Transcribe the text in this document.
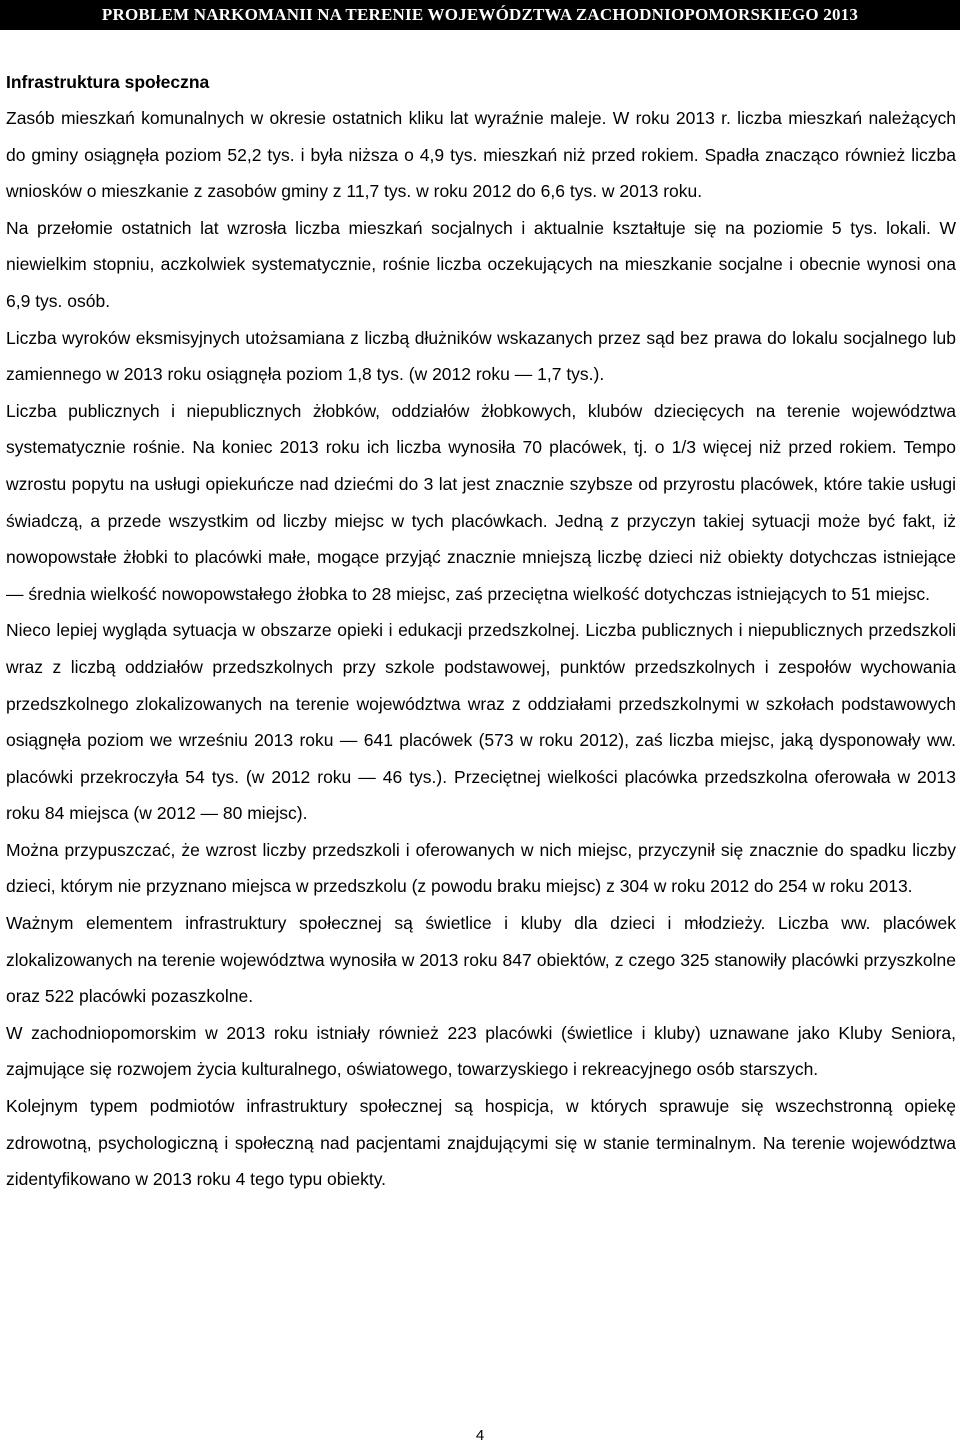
PROBLEM NARKOMANII NA TERENIE WOJEWÓDZTWA ZACHODNIOPOMORSKIEGO 2013
Infrastruktura społeczna

Zasób mieszkań komunalnych w okresie ostatnich kliku lat wyraźnie maleje. W roku 2013 r. liczba mieszkań należących do gminy osiągnęła poziom 52,2 tys. i była niższa o 4,9 tys. mieszkań niż przed rokiem. Spadła znacząco również liczba wniosków o mieszkanie z zasobów gminy z 11,7 tys. w roku 2012 do 6,6 tys. w 2013 roku.

Na przełomie ostatnich lat wzrosła liczba mieszkań socjalnych i aktualnie kształtuje się na poziomie 5 tys. lokali. W niewielkim stopniu, aczkolwiek systematycznie, rośnie liczba oczekujących na mieszkanie socjalne i obecnie wynosi ona 6,9 tys. osób.

Liczba wyroków eksmisyjnych utożsamiana z liczbą dłużników wskazanych przez sąd bez prawa do lokalu socjalnego lub zamiennego w 2013 roku osiągnęła poziom 1,8 tys. (w 2012 roku — 1,7 tys.).

Liczba publicznych i niepublicznych żłobków, oddziałów żłobkowych, klubów dziecięcych na terenie województwa systematycznie rośnie. Na koniec 2013 roku ich liczba wynosiła 70 placówek, tj. o 1/3 więcej niż przed rokiem. Tempo wzrostu popytu na usługi opiekuńcze nad dziećmi do 3 lat jest znacznie szybsze od przyrostu placówek, które takie usługi świadczą, a przede wszystkim od liczby miejsc w tych placówkach. Jedną z przyczyn takiej sytuacji może być fakt, iż nowopowstałe żłobki to placówki małe, mogące przyjąć znacznie mniejszą liczbę dzieci niż obiekty dotychczas istniejące — średnia wielkość nowopowstałego żłobka to 28 miejsc, zaś przeciętna wielkość dotychczas istniejących to 51 miejsc.

Nieco lepiej wygląda sytuacja w obszarze opieki i edukacji przedszkolnej. Liczba publicznych i niepublicznych przedszkoli wraz z liczbą oddziałów przedszkolnych przy szkole podstawowej, punktów przedszkolnych i zespołów wychowania przedszkolnego zlokalizowanych na terenie województwa wraz z oddziałami przedszkolnymi w szkołach podstawowych osiągnęła poziom we wrześniu 2013 roku — 641 placówek (573 w roku 2012), zaś liczba miejsc, jaką dysponowały ww. placówki przekroczyła 54 tys. (w 2012 roku — 46 tys.). Przeciętnej wielkości placówka przedszkolna oferowała w 2013 roku 84 miejsca (w 2012 — 80 miejsc).

Można przypuszczać, że wzrost liczby przedszkoli i oferowanych w nich miejsc, przyczynił się znacznie do spadku liczby dzieci, którym nie przyznano miejsca w przedszkolu (z powodu braku miejsc) z 304 w roku 2012 do 254 w roku 2013.

Ważnym elementem infrastruktury społecznej są świetlice i kluby dla dzieci i młodzieży. Liczba ww. placówek zlokalizowanych na terenie województwa wynosiła w 2013 roku 847 obiektów, z czego 325 stanowiły placówki przyszkolne oraz 522 placówki pozaszkolne.

W zachodniopomorskim w 2013 roku istniały również 223 placówki (świetlice i kluby) uznawane jako Kluby Seniora, zajmujące się rozwojem życia kulturalnego, oświatowego, towarzyskiego i rekreacyjnego osób starszych.

Kolejnym typem podmiotów infrastruktury społecznej są hospicja, w których sprawuje się wszechstronną opiekę zdrowotną, psychologiczną i społeczną nad pacjentami znajdującymi się w stanie terminalnym. Na terenie województwa zidentyfikowano w 2013 roku 4 tego typu obiekty.

4
